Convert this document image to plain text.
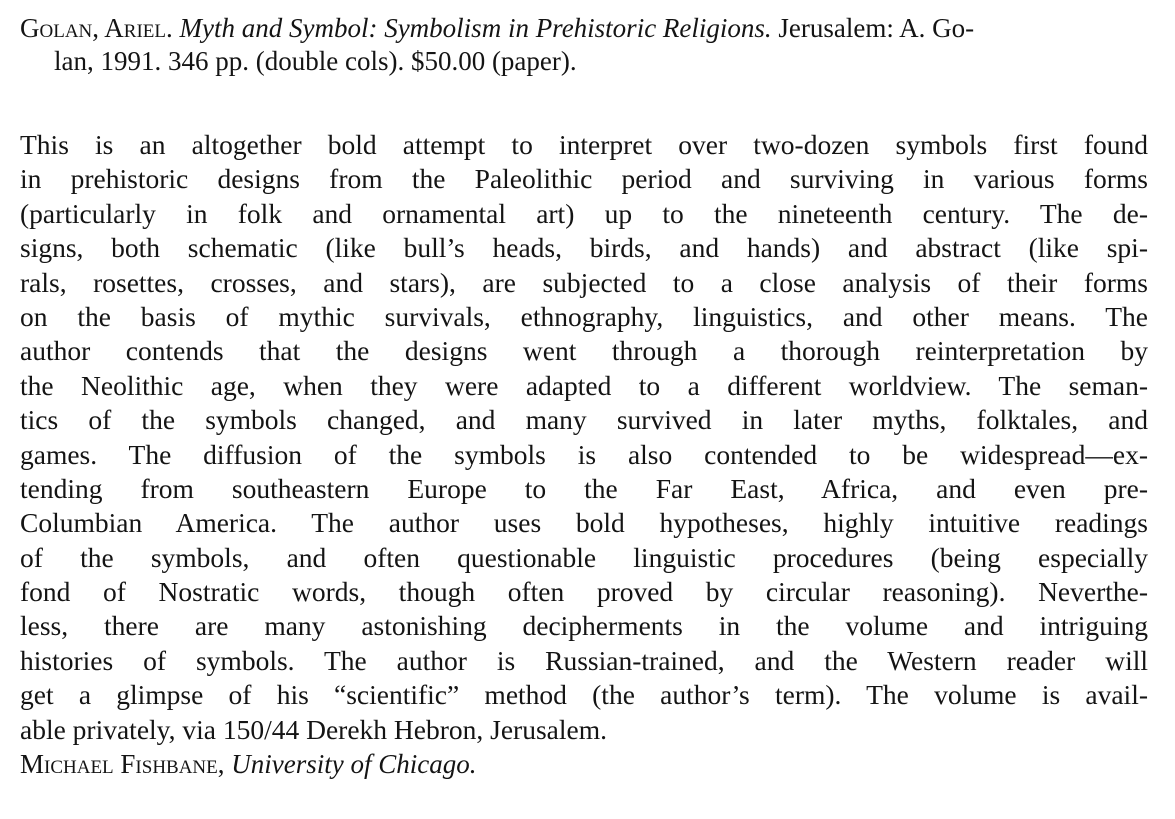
Golan, Ariel. Myth and Symbol: Symbolism in Prehistoric Religions. Jerusalem: A. Go-
lan, 1991. 346 pp. (double cols). $50.00 (paper).

This is an altogether bold attempt to interpret over two-dozen symbols first found
in prehistoric designs from the Paleolithic period and surviving in various forms
(particularly in folk and ornamental art) up to the nineteenth century. The de-
signs, both schematic (like bull’s heads, birds, and hands) and abstract (like spi-
rals, rosettes, crosses, and stars), are subjected to a close analysis of their forms
on the basis of mythic survivals, ethnography, linguistics, and other means. The
author contends that the designs went through a thorough reinterpretation by
the Neolithic age, when they were adapted to a different worldview. The seman-
tics of the symbols changed, and many survived in later myths, folktales, and
games. The diffusion of the symbols is also contended to be widespread—ex-
tending from southeastern Europe to the Far East, Africa, and even pre-
Columbian America. The author uses bold hypotheses, highly intuitive readings
of the symbols, and often questionable linguistic procedures (being especially
fond of Nostratic words, though often proved by circular reasoning). Neverthe-
less, there are many astonishing decipherments in the volume and intriguing
histories of symbols. The author is Russian-trained, and the Western reader will
get a glimpse of his “scientific” method (the author’s term). The volume is avail-
able privately, via 150/44 Derekh Hebron, Jerusalem.
Michael Fishbane, University of Chicago.
